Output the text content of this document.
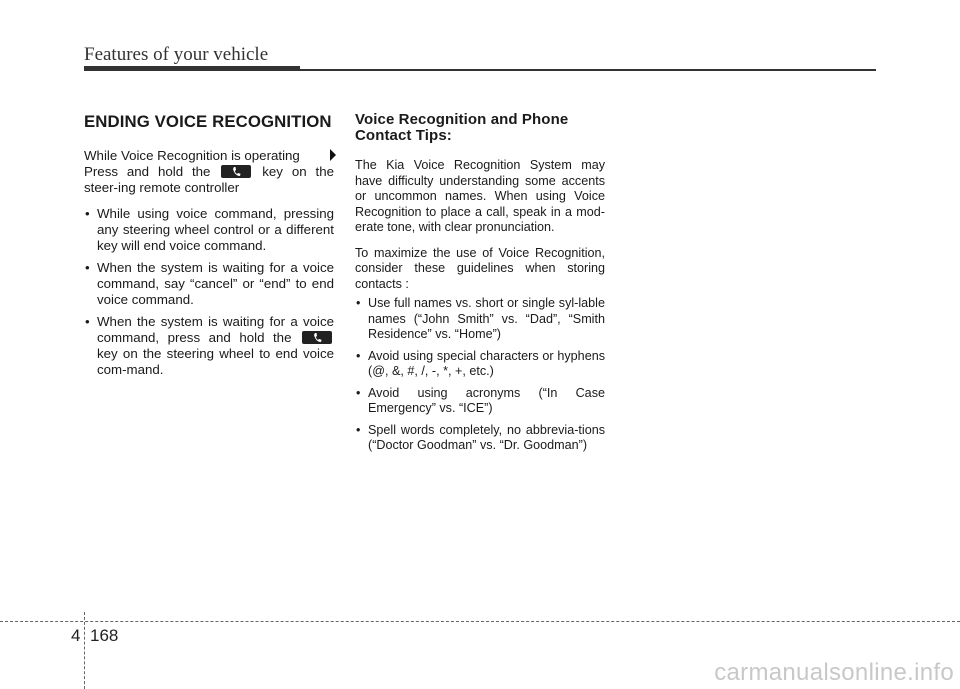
Features of your vehicle
ENDING VOICE RECOGNITION

While Voice Recognition is operating

Press and hold the	key on the steer-ing remote controller

• While using voice command, pressing any steering wheel control or a different key will end voice command.
• When the system is waiting for a voice command, say “cancel” or “end” to end voice command.
• When the system is waiting for a voice command, press and hold the
key on the steering wheel to end voice com-mand.
Voice Recognition and Phone Contact Tips:

The Kia Voice Recognition System may have difficulty understanding some accents or uncommon names. When using Voice Recognition to place a call, speak in a mod-erate tone, with clear pronunciation.

To maximize the use of Voice Recognition, consider these guidelines when storing contacts :

• Use full names vs. short or single syl-lable names (“John Smith” vs. “Dad”, “Smith Residence” vs. “Home”)
• Avoid using special characters or hyphens (@, &, #, /, -, *, +, etc.)
• Avoid using acronyms (“In Case Emergency” vs. “ICE”)
• Spell words completely, no abbrevia-tions (“Doctor Goodman” vs. “Dr. Goodman”)
4 168
carmanualsonline.info
